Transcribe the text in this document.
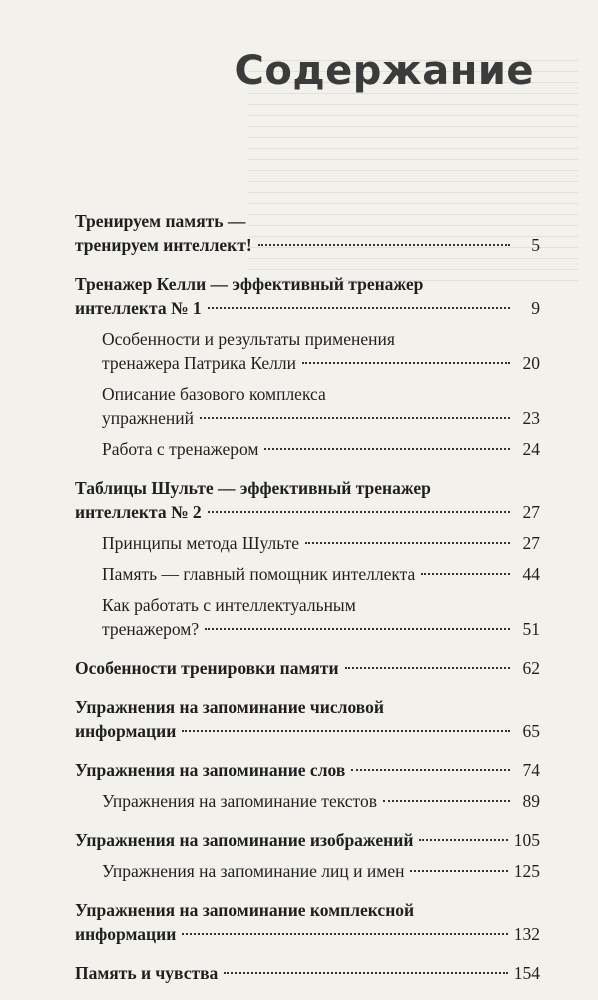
Содержание
Тренируем память —
тренируем интеллект!	5
Тренажер Келли — эффективный тренажер
интеллекта № 1	9
Особенности и результаты применения
тренажера Патрика Келли	20
Описание базового комплекса
упражнений	23
Работа с тренажером	24
Таблицы Шульте — эффективный тренажер
интеллекта № 2	27
Принципы метода Шульте	27
Память — главный помощник интеллекта	44
Как работать с интеллектуальным
тренажером?	51
Особенности тренировки памяти	62
Упражнения на запоминание числовой
информации	65
Упражнения на запоминание слов	74
Упражнения на запоминание текстов	89
Упражнения на запоминание изображений	105
Упражнения на запоминание лиц и имен	125
Упражнения на запоминание комплексной
информации	132
Память и чувства	154
